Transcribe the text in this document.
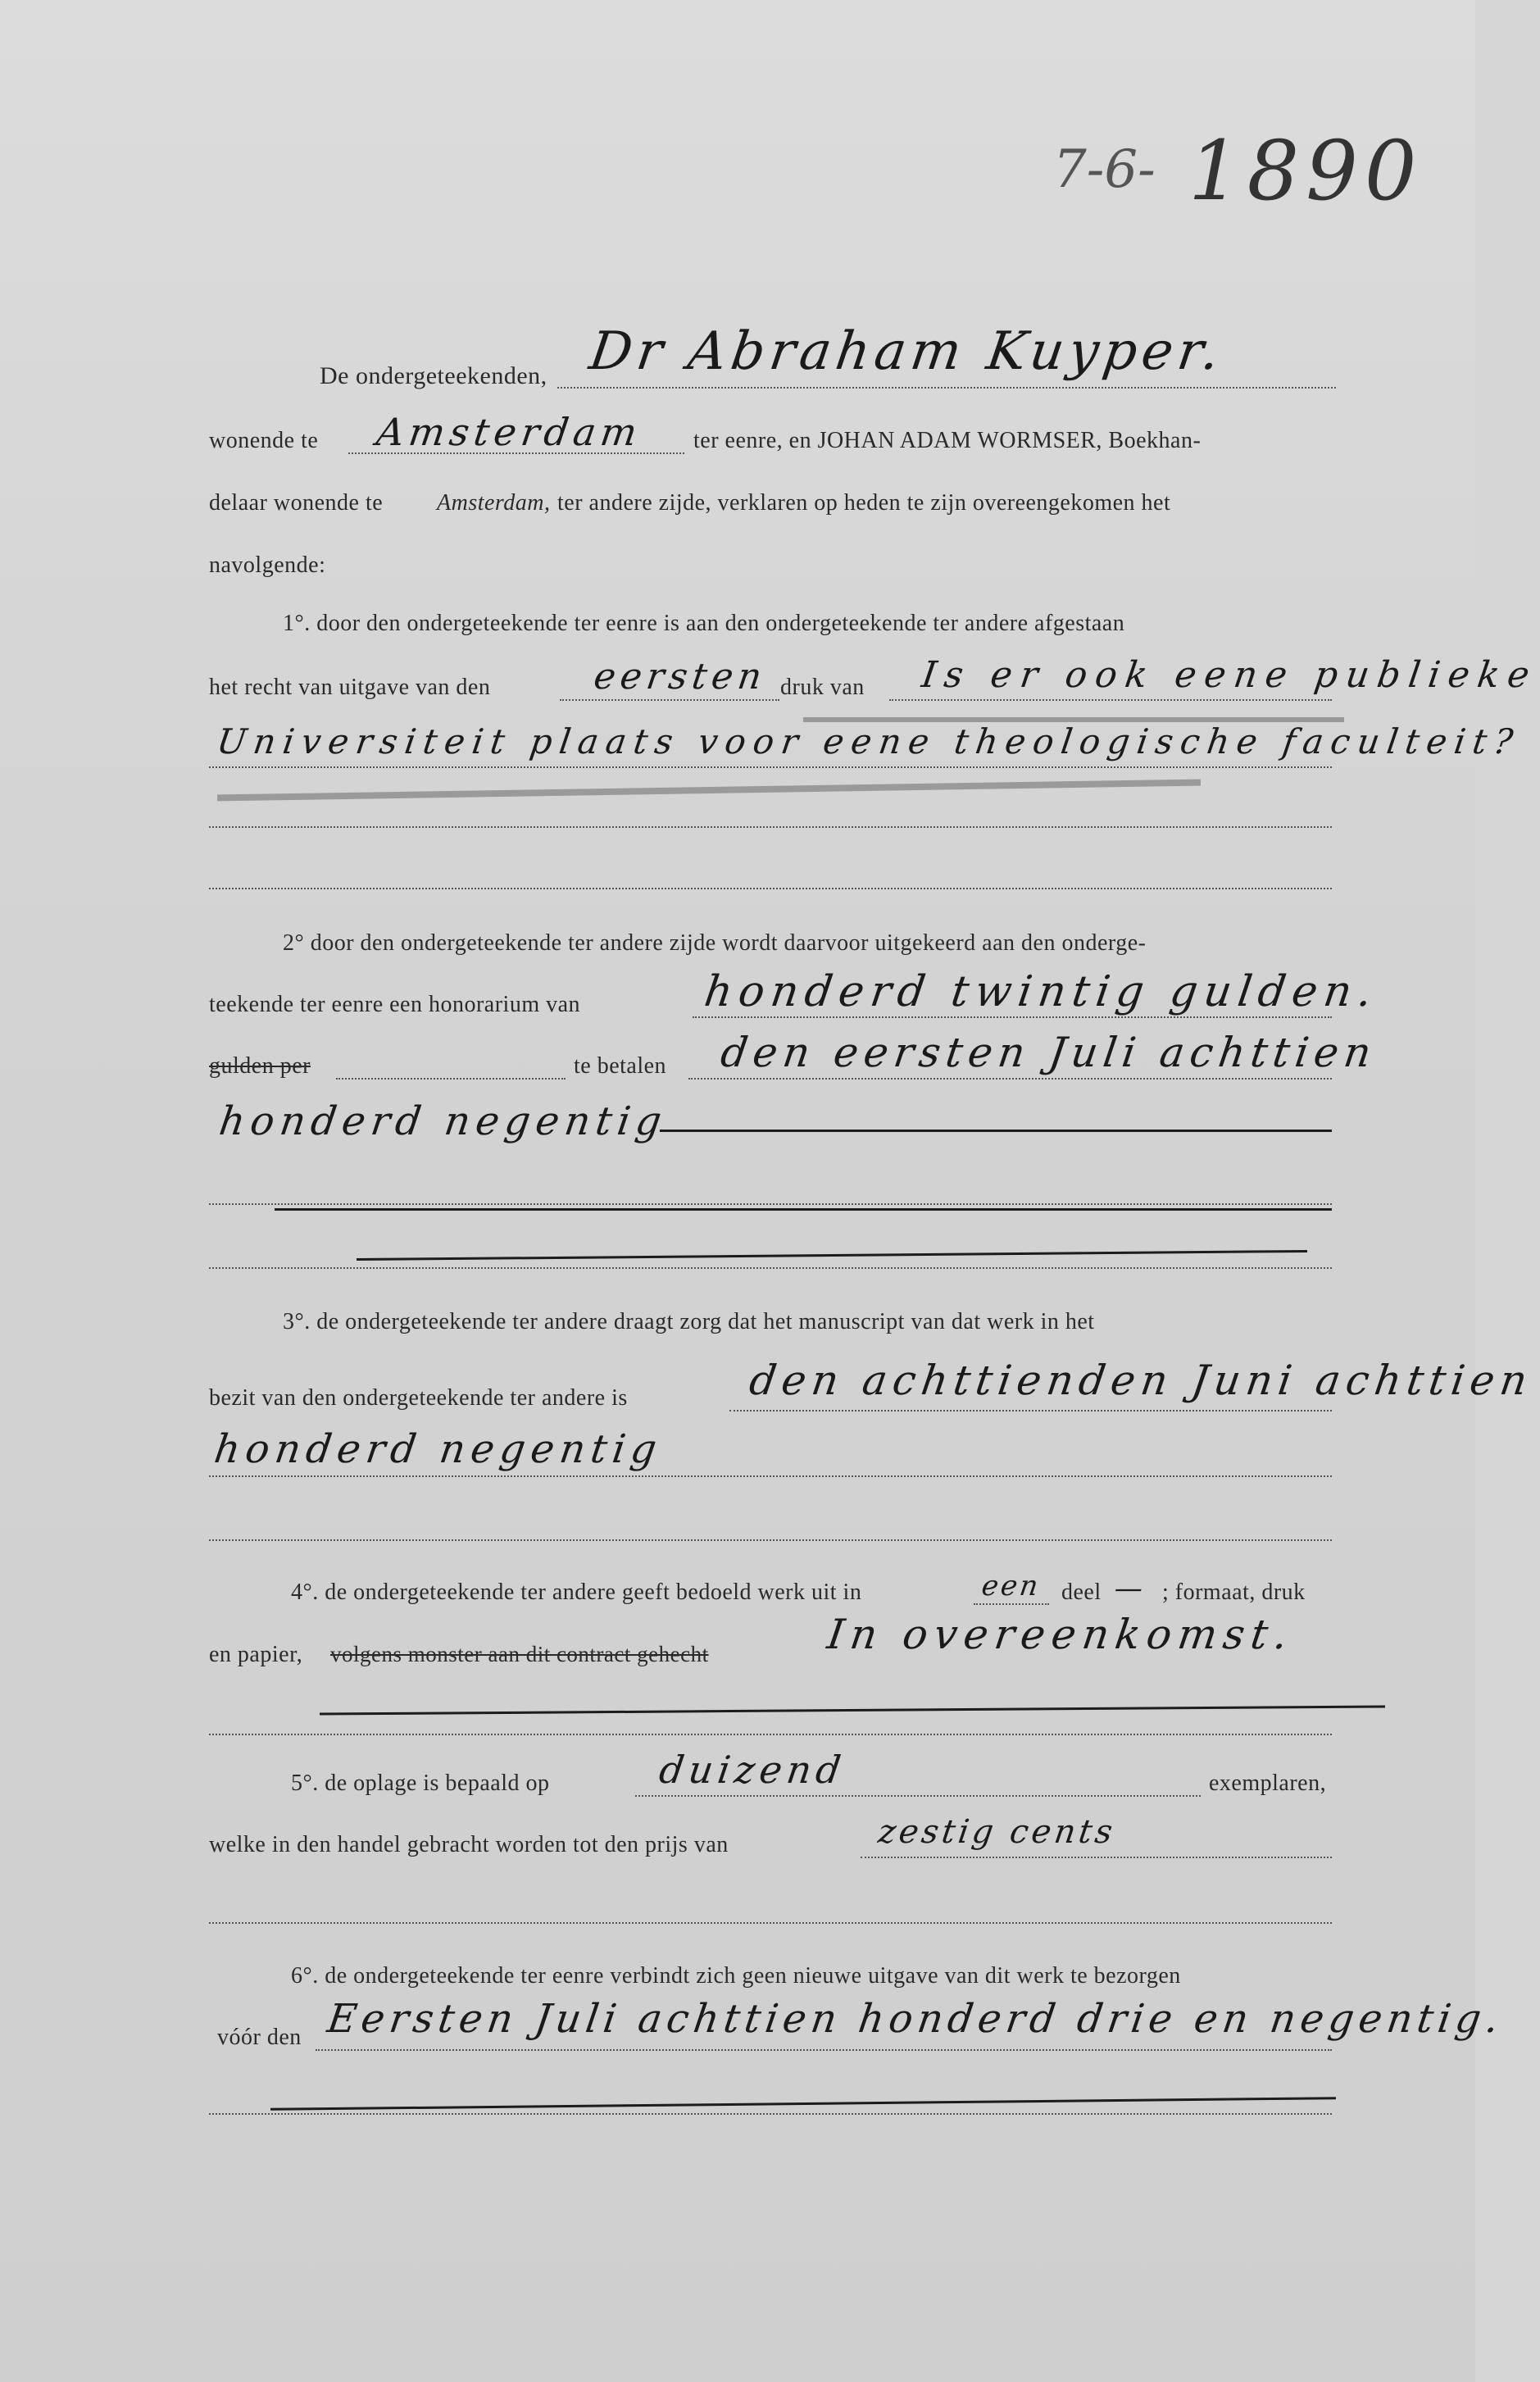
7-6- 1890
De ondergeteekenden, Dr Abraham Kuyper.
wonende te Amsterdam ter eenre, en JOHAN ADAM WORMSER, Boekhan-
delaar wonende te Amsterdam, ter andere zijde, verklaren op heden te zijn overeengekomen het
navolgende:
1°. door den ondergeteekende ter eenre is aan den ondergeteekende ter andere afgestaan
het recht van uitgave van den	eersten druk van Is er ook eene publieke
Universiteit plaats voor eene theologische faculteit?
2° door den ondergeteekende ter andere zijde wordt daarvoor uitgekeerd aan den onderge-
teekende ter eenre een honorarium van	honderd twintig gulden.
gulden per	te betalen den eersten Juli achttien
honderd negentig
3°. de ondergeteekende ter andere draagt zorg dat het manuscript van dat werk in het
bezit van den ondergeteekende ter andere is	den achttienden Juni achttien
honderd negentig
4°. de ondergeteekende ter andere geeft bedoeld werk uit in	een deel — ; formaat, druk
en papier, volgens monster aan dit contract gehecht	In overeenkomst.
5°. de oplage is bepaald op	duizend	exemplaren,
welke in den handel gebracht worden tot den prijs van	zestig cents
6°. de ondergeteekende ter eenre verbindt zich geen nieuwe uitgave van dit werk te bezorgen
vóór den Eersten Juli achttien honderd drie en negentig.
